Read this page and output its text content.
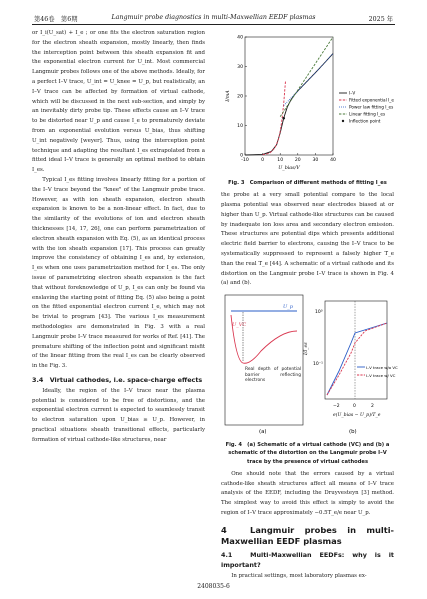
第46卷　第6期	Langmuir probe diagnostics in multi-Maxwellian EEDF plasmas	2025 年

or I_i(U_sat) + I_e ; or one fits the electron saturation region for the electron sheath expansion, mostly linearly, then finds the interception point between this sheath expansion fit and the exponential electron current for U_int. Most commercial Langmuir probes follows one of the above methods. Ideally, for a perfect I–V trace, U_int = U_knee = U_p, but realistically, an I–V trace can be affected by formation of virtual cathode, which will be discussed in the next sub-section, and simply by an inevitably dirty probe tip. These effects cause an I–V trace to be distorted near U_p and cause I_e to prematurely deviate from an exponential evolution versus U_bias, thus shifting U_int negatively [weyer]. Thus, using the interception point technique and adapting the resultant I_es extrapolated from a fitted ideal I–V trace is generally an optimal method to obtain I_es.

Typical I_es fitting involves linearly fitting for a portion of the I–V trace beyond the "knee" of the Langmuir probe trace. However, as with ion sheath expansion, electron sheath expansion is known to be a non-linear effect. In fact, due to the similarity of the evolutions of ion and electron sheath thicknesses [14, 17, 26], one can perform parametrization of electron sheath expansion with Eq. (5), as an identical process with the ion sheath expansion [17]. This process can greatly improve the consistency of obtaining I_es and, by extension, I_es when one uses parametrization method for I_es. The only issue of parametrizing electron sheath expansion is the fact that without foreknowledge of U_p, I_es can only be found via enslaving the starting point of fitting Eq. (5) also being a point on the fitted exponential electron current I_e, which may not be trivial to program [43]. The various I_es measurement methodologies are demonstrated in Fig. 3 with a real Langmuir probe I–V trace measured for works of Ref. [41]. The premature shifting of the inflection point and significant misfit of the linear fitting from the real I_es can be clearly observed in the Fig. 3.

3.4　Virtual cathodes, i.e. space-charge effects

Ideally, the region of the I–V trace near the plasma potential is considered to be free of distortions, and the exponential electron current is expected to seamlessly transit to electron saturation upon U_bias ≥ U_p. However, in practical situations sheath transitional effects, particularly formation of virtual cathode-like structures, near

-10	0	10	20	30	40
0
10
20
30
40
U_bias/V
I/mA	I–V
Fitted exponential I_e
Power law fitting I_es
Linear fitting I_es
Inflection point
Fig. 3　Comparison of different methods of fitting I_es

the probe at a very small potential compare to the local plasma potential was observed near electrodes biased at or higher than U_p. Virtual cathode-like structures can be caused by inadequate ion loss area and secondary electron emission. These structures are potential dips which presents additional electric field barrier to electrons, causing the I–V trace to be systematically suppressed to represent a falsely higher T_e than the real T_e [44]. A schematic of a virtual cathode and its distortion on the Langmuir probe I–V trace is shown in Fig. 4 (a) and (b).

U_p
U_VC
Real depth of potential barrier reflecting electrons
(a)
10⁰
10⁻¹
I/I_es
I–V trace w/o VC
I–V trace w/ VC
−2	0	2
e(U_bias − U_p)/T_e
(b)
Fig. 4　(a) Schematic of a virtual cathode (VC) and (b) a schematic of the distortion on the Langmuir probe I–V trace by the presence of virtual cathodes

One should note that the errors caused by a virtual cathode-like sheath structures affect all means of I–V trace analysis of the EEDF, including the Druyvesteyn [3] method. The simplest way to avoid this effect is simply to avoid the region of I–V trace approximately −0.5T_e/e near U_p.

4　Langmuir probes in multi-Maxwellian EEDF plasmas
4.1　Multi-Maxwellian EEDFs: why is it important?

In practical settings, most laboratory plasmas ex-

2408035-6
